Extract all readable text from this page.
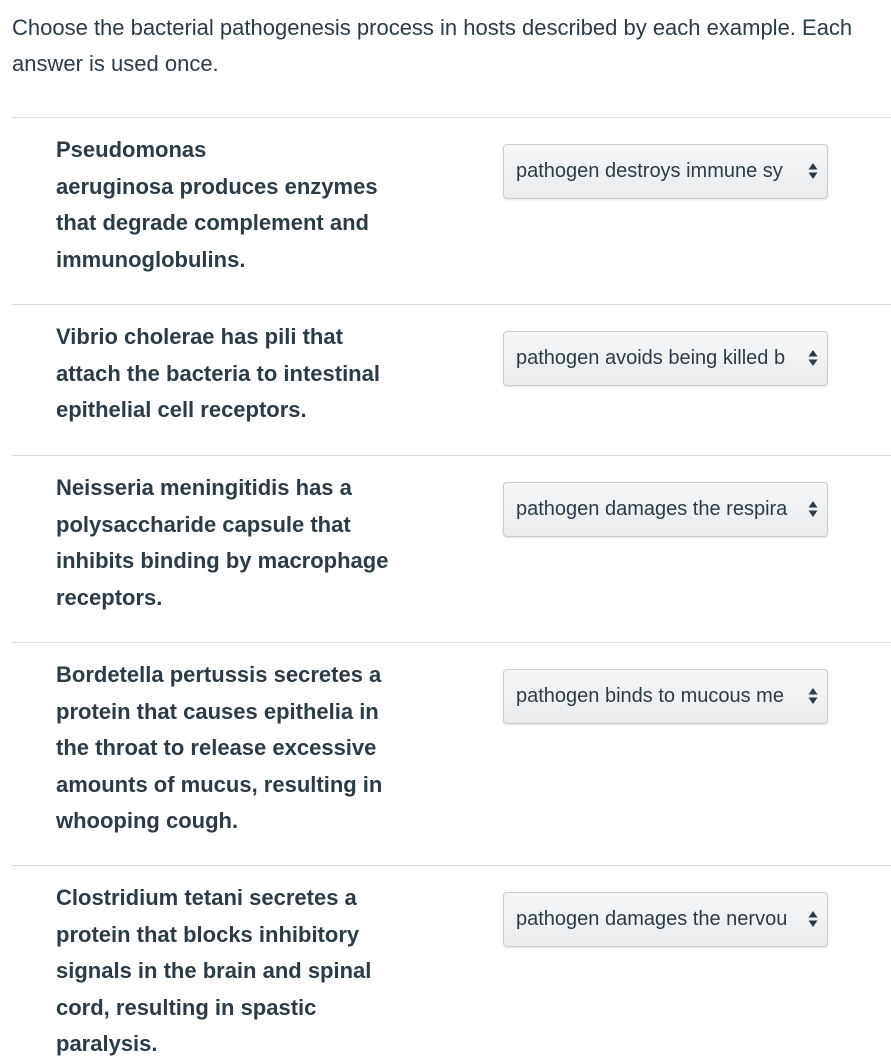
Choose the bacterial pathogenesis process in hosts described by each example. Each
answer is used once.
Pseudomonas
aeruginosa produces enzymes
that degrade complement and
immunoglobulins.
pathogen destroys immune sy
Vibrio cholerae has pili that
attach the bacteria to intestinal
epithelial cell receptors.
pathogen avoids being killed b
Neisseria meningitidis has a
polysaccharide capsule that
inhibits binding by macrophage
receptors.
pathogen damages the respira
Bordetella pertussis secretes a
protein that causes epithelia in
the throat to release excessive
amounts of mucus, resulting in
whooping cough.
pathogen binds to mucous me
Clostridium tetani secretes a
protein that blocks inhibitory
signals in the brain and spinal
cord, resulting in spastic paralysis.
pathogen damages the nervou
